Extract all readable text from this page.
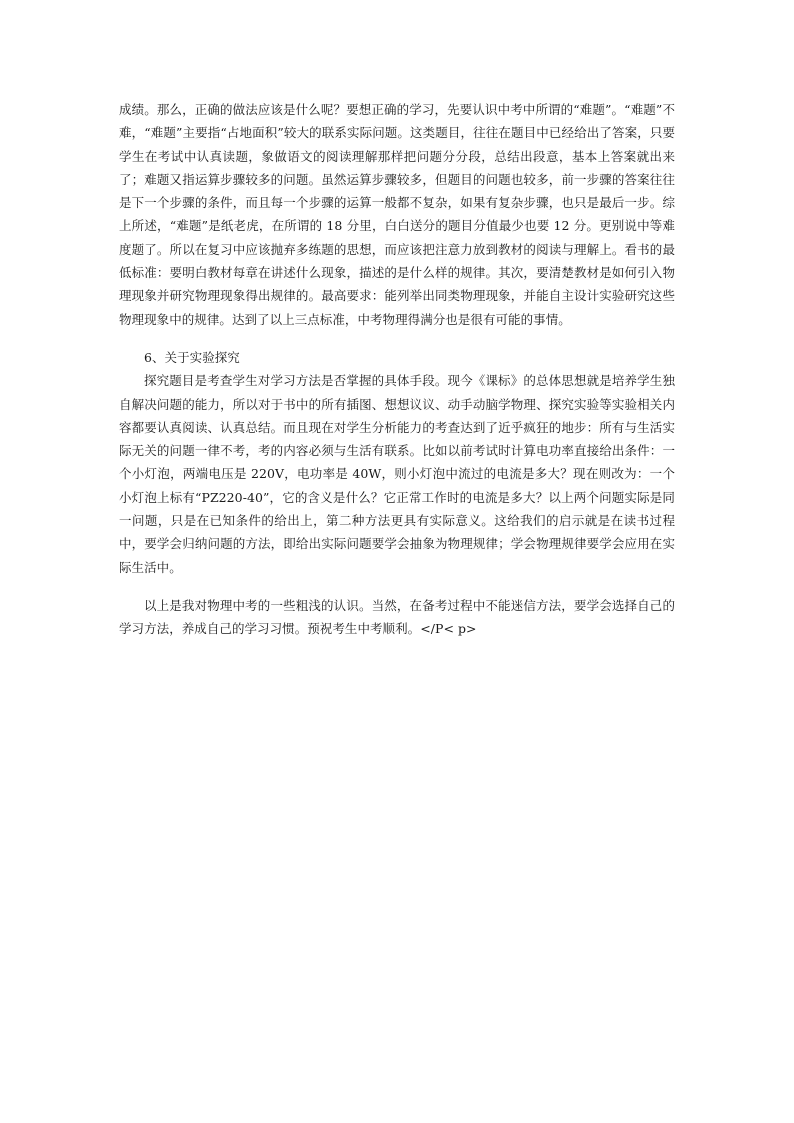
成绩。那么，正确的做法应该是什么呢？要想正确的学习，先要认识中考中所谓的“难题”。“难题”不难，“难题”主要指“占地面积”较大的联系实际问题。这类题目，往往在题目中已经给出了答案，只要学生在考试中认真读题，象做语文的阅读理解那样把问题分分段，总结出段意，基本上答案就出来了；难题又指运算步骤较多的问题。虽然运算步骤较多，但题目的问题也较多，前一步骤的答案往往是下一个步骤的条件，而且每一个步骤的运算一般都不复杂，如果有复杂步骤，也只是最后一步。综上所述，“难题”是纸老虎，在所谓的 18 分里，白白送分的题目分值最少也要 12 分。更别说中等难度题了。所以在复习中应该抛弃多练题的思想，而应该把注意力放到教材的阅读与理解上。看书的最低标准：要明白教材每章在讲述什么现象，描述的是什么样的规律。其次，要清楚教材是如何引入物理现象并研究物理现象得出规律的。最高要求：能列举出同类物理现象，并能自主设计实验研究这些物理现象中的规律。达到了以上三点标准，中考物理得满分也是很有可能的事情。

6、关于实验探究

探究题目是考查学生对学习方法是否掌握的具体手段。现今《课标》的总体思想就是培养学生独自解决问题的能力，所以对于书中的所有插图、想想议议、动手动脑学物理、探究实验等实验相关内容都要认真阅读、认真总结。而且现在对学生分析能力的考查达到了近乎疯狂的地步：所有与生活实际无关的问题一律不考，考的内容必须与生活有联系。比如以前考试时计算电功率直接给出条件：一个小灯泡，两端电压是 220V，电功率是 40W，则小灯泡中流过的电流是多大？现在则改为：一个小灯泡上标有“PZ220-40”，它的含义是什么？它正常工作时的电流是多大？以上两个问题实际是同一问题，只是在已知条件的给出上，第二种方法更具有实际意义。这给我们的启示就是在读书过程中，要学会归纳问题的方法，即给出实际问题要学会抽象为物理规律；学会物理规律要学会应用在实际生活中。

以上是我对物理中考的一些粗浅的认识。当然，在备考过程中不能迷信方法，要学会选择自己的学习方法，养成自己的学习习惯。预祝考生中考顺利。</P< p>
